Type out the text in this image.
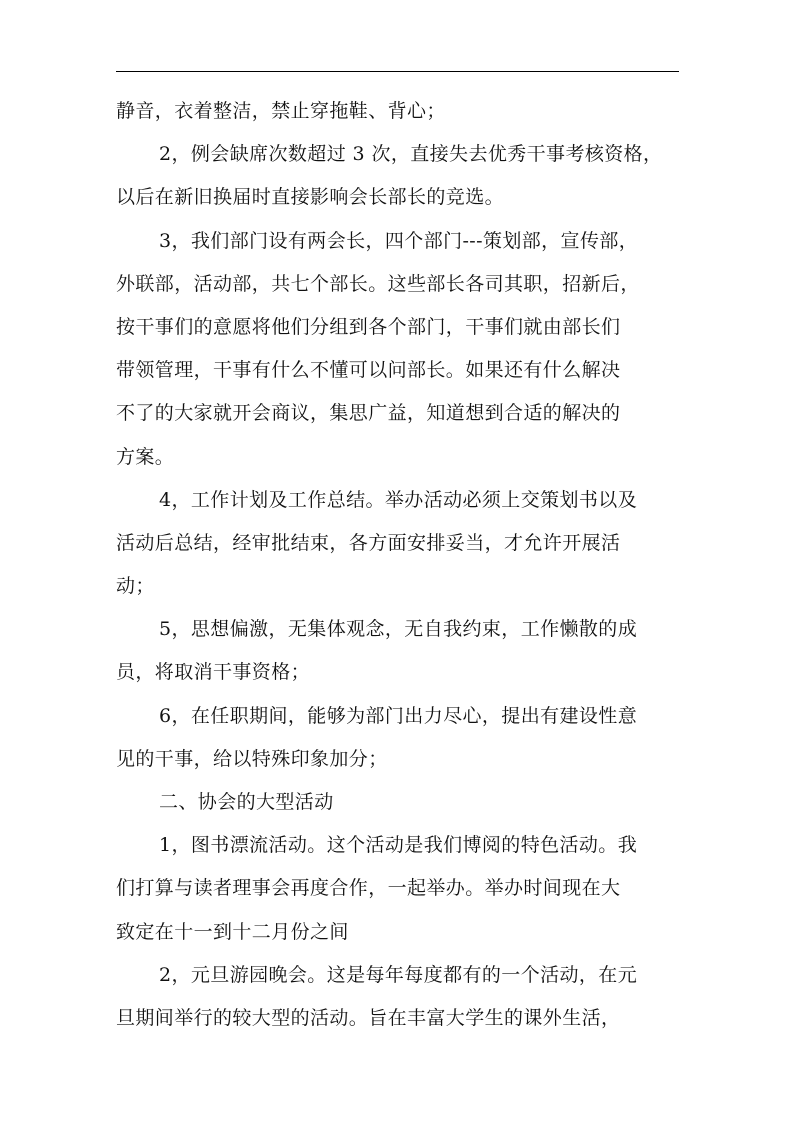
静音，衣着整洁，禁止穿拖鞋、背心；
2，例会缺席次数超过 3 次，直接失去优秀干事考核资格，
以后在新旧换届时直接影响会长部长的竞选。
3，我们部门设有两会长，四个部门---策划部，宣传部，
外联部，活动部，共七个部长。这些部长各司其职，招新后，
按干事们的意愿将他们分组到各个部门，干事们就由部长们
带领管理，干事有什么不懂可以问部长。如果还有什么解决
不了的大家就开会商议，集思广益，知道想到合适的解决的
方案。
4，工作计划及工作总结。举办活动必须上交策划书以及
活动后总结，经审批结束，各方面安排妥当，才允许开展活
动；
5，思想偏激，无集体观念，无自我约束，工作懒散的成
员，将取消干事资格；
6，在任职期间，能够为部门出力尽心，提出有建设性意
见的干事，给以特殊印象加分；
二、协会的大型活动
1，图书漂流活动。这个活动是我们博阅的特色活动。我
们打算与读者理事会再度合作，一起举办。举办时间现在大
致定在十一到十二月份之间
2，元旦游园晚会。这是每年每度都有的一个活动，在元
旦期间举行的较大型的活动。旨在丰富大学生的课外生活，
